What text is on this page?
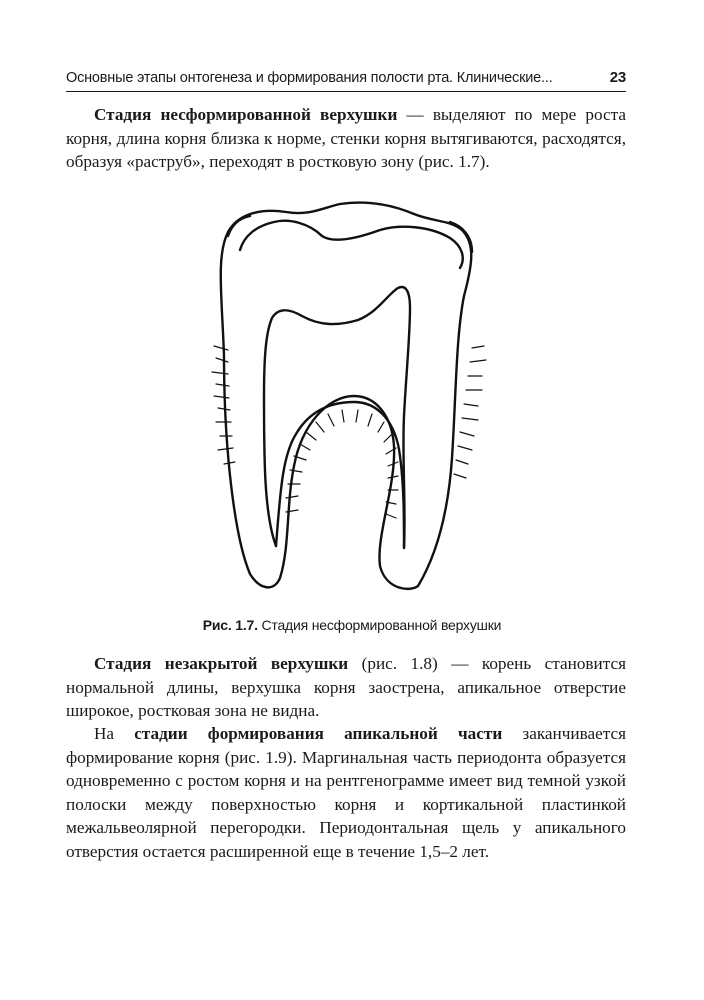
Основные этапы онтогенеза и формирования полости рта. Клинические...	23

Стадия несформированной верхушки — выделяют по мере роста корня, длина корня близка к норме, стенки корня вытягиваются, расходятся, образуя «раструб», переходят в ростковую зону (рис. 1.7).

Рис. 1.7. Стадия несформированной верхушки

Стадия незакрытой верхушки (рис. 1.8) — корень становится нормальной длины, верхушка корня заострена, апикальное отверстие широкое, ростковая зона не видна.

На стадии формирования апикальной части заканчивается формирование корня (рис. 1.9). Маргинальная часть периодонта образуется одновременно с ростом корня и на рентгенограмме имеет вид темной узкой полоски между поверхностью корня и кортикальной пластинкой межальвеолярной перегородки. Периодонтальная щель у апикального отверстия остается расширенной еще в течение 1,5–2 лет.
